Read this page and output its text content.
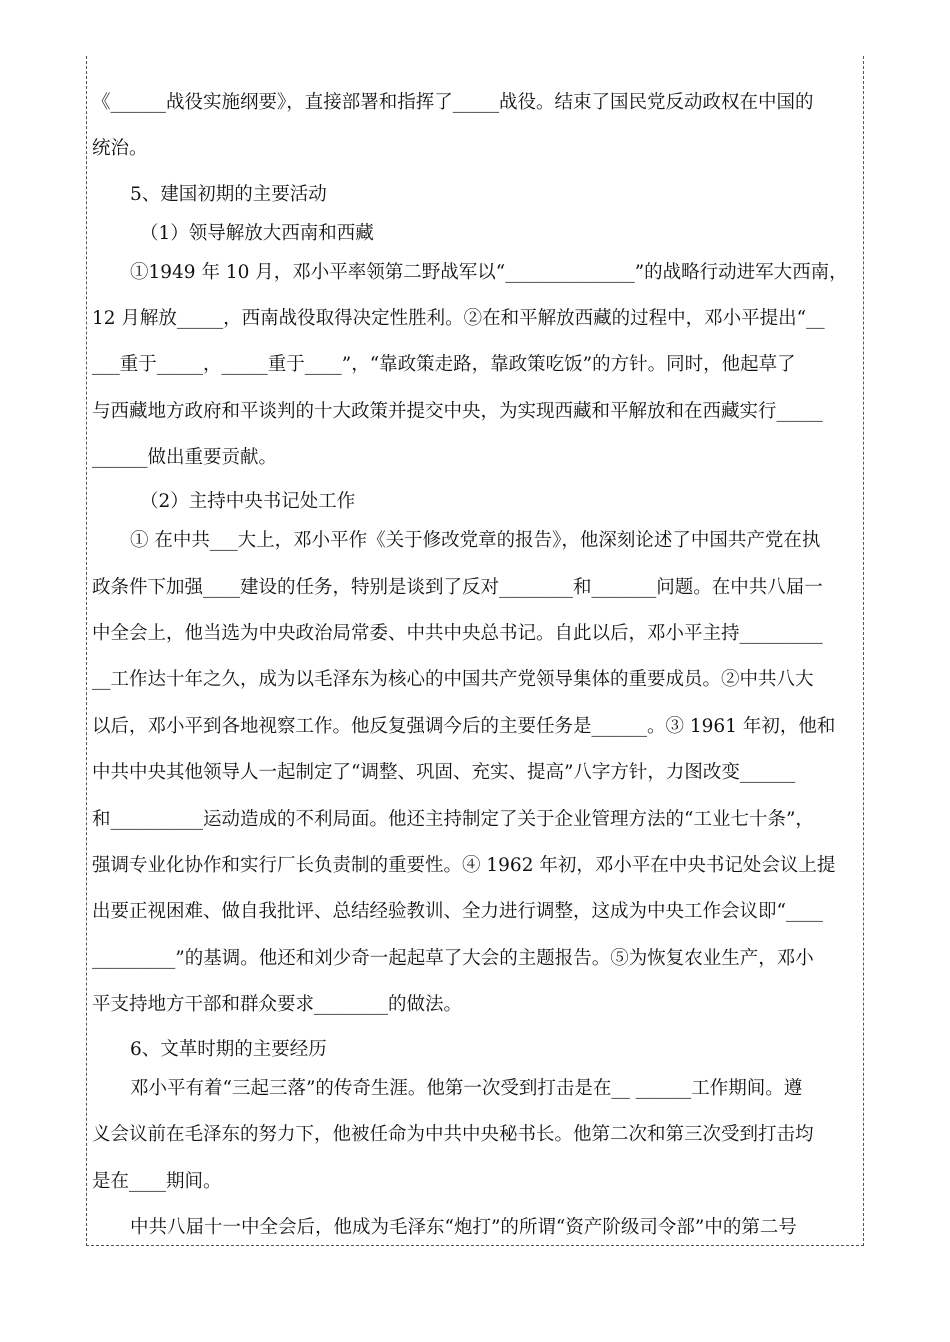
《______战役实施纲要》，直接部署和指挥了_____战役。结束了国民党反动政权在中国的
统治。
5、建国初期的主要活动
（1）领导解放大西南和西藏
①1949 年 10 月，邓小平率领第二野战军以“______________”的战略行动进军大西南，
12 月解放_____，西南战役取得决定性胜利。②在和平解放西藏的过程中，邓小平提出“__
___重于_____，_____重于____”，“靠政策走路，靠政策吃饭”的方针。同时，他起草了
与西藏地方政府和平谈判的十大政策并提交中央，为实现西藏和平解放和在西藏实行_____
______做出重要贡献。
（2）主持中央书记处工作
① 在中共___大上，邓小平作《关于修改党章的报告》，他深刻论述了中国共产党在执
政条件下加强____建设的任务，特别是谈到了反对________和_______问题。在中共八届一
中全会上，他当选为中央政治局常委、中共中央总书记。自此以后，邓小平主持_________
__工作达十年之久，成为以毛泽东为核心的中国共产党领导集体的重要成员。②中共八大
以后，邓小平到各地视察工作。他反复强调今后的主要任务是______。③ 1961 年初，他和
中共中央其他领导人一起制定了“调整、巩固、充实、提高”八字方针，力图改变______
和__________运动造成的不利局面。他还主持制定了关于企业管理方法的“工业七十条”，
强调专业化协作和实行厂长负责制的重要性。④ 1962 年初，邓小平在中央书记处会议上提
出要正视困难、做自我批评、总结经验教训、全力进行调整，这成为中央工作会议即“____
_________”的基调。他还和刘少奇一起起草了大会的主题报告。⑤为恢复农业生产，邓小
平支持地方干部和群众要求________的做法。
6、文革时期的主要经历
邓小平有着“三起三落”的传奇生涯。他第一次受到打击是在__ ______工作期间。遵
义会议前在毛泽东的努力下，他被任命为中共中央秘书长。他第二次和第三次受到打击均
是在____期间。
中共八届十一中全会后，他成为毛泽东“炮打”的所谓“资产阶级司令部”中的第二号
